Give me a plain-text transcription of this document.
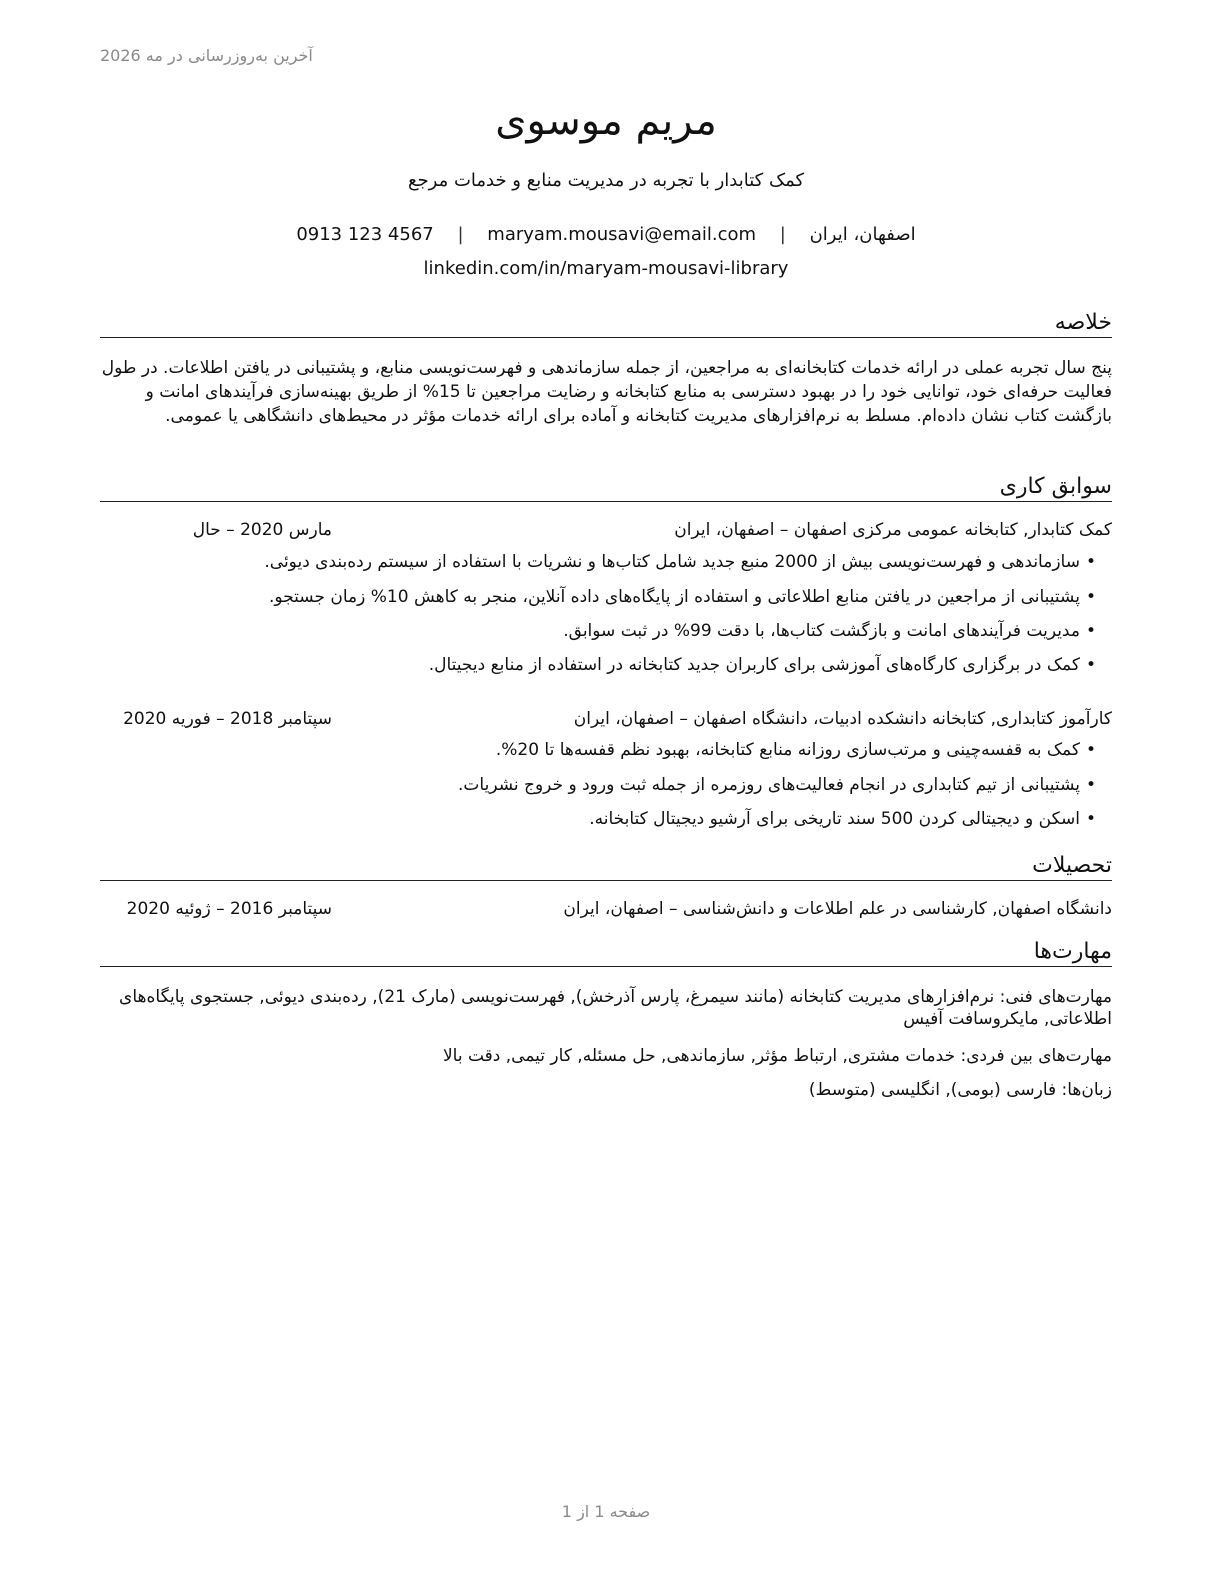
آخرین به‌روزرسانی در مه 2026
مریم موسوی
کمک کتابدار با تجربه در مدیریت منابع و خدمات مرجع
اصفهان، ایران | maryam.mousavi@email.com | 0913 123 4567
linkedin.com/in/maryam-mousavi-library
خلاصه
پنج سال تجربه عملی در ارائه خدمات کتابخانه‌ای به مراجعین، از جمله سازماندهی و فهرست‌نویسی منابع، و پشتیبانی در یافتن اطلاعات. در طول فعالیت حرفه‌ای خود، توانایی خود را در بهبود دسترسی به منابع کتابخانه و رضایت مراجعین تا 15% از طریق بهینه‌سازی فرآیندهای امانت و بازگشت کتاب نشان داده‌ام. مسلط به نرم‌افزارهای مدیریت کتابخانه و آماده برای ارائه خدمات مؤثر در محیط‌های دانشگاهی یا عمومی.
سوابق کاری
کمک کتابدار, کتابخانه عمومی مرکزی اصفهان – اصفهان، ایران
مارس 2020 – حال
•سازماندهی و فهرست‌نویسی بیش از 2000 منبع جدید شامل کتاب‌ها و نشریات با استفاده از سیستم رده‌بندی دیوئی.
•پشتیبانی از مراجعین در یافتن منابع اطلاعاتی و استفاده از پایگاه‌های داده آنلاین، منجر به کاهش 10% زمان جستجو.
•مدیریت فرآیندهای امانت و بازگشت کتاب‌ها، با دقت 99% در ثبت سوابق.
•کمک در برگزاری کارگاه‌های آموزشی برای کاربران جدید کتابخانه در استفاده از منابع دیجیتال.
کارآموز کتابداری, کتابخانه دانشکده ادبیات، دانشگاه اصفهان – اصفهان، ایران
سپتامبر 2018 – فوریه 2020
•کمک به قفسه‌چینی و مرتب‌سازی روزانه منابع کتابخانه، بهبود نظم قفسه‌ها تا 20%.
•پشتیبانی از تیم کتابداری در انجام فعالیت‌های روزمره از جمله ثبت ورود و خروج نشریات.
•اسکن و دیجیتالی کردن 500 سند تاریخی برای آرشیو دیجیتال کتابخانه.
تحصیلات
دانشگاه اصفهان, کارشناسی در علم اطلاعات و دانش‌شناسی – اصفهان، ایران
سپتامبر 2016 – ژوئیه 2020
مهارت‌ها
مهارت‌های فنی: نرم‌افزارهای مدیریت کتابخانه (مانند سیمرغ، پارس آذرخش), فهرست‌نویسی (مارک 21), رده‌بندی دیوئی, جستجوی پایگاه‌های اطلاعاتی, مایکروسافت آفیس
مهارت‌های بین فردی: خدمات مشتری, ارتباط مؤثر, سازماندهی, حل مسئله, کار تیمی, دقت بالا
زبان‌ها: فارسی (بومی), انگلیسی (متوسط)
صفحه 1 از 1
